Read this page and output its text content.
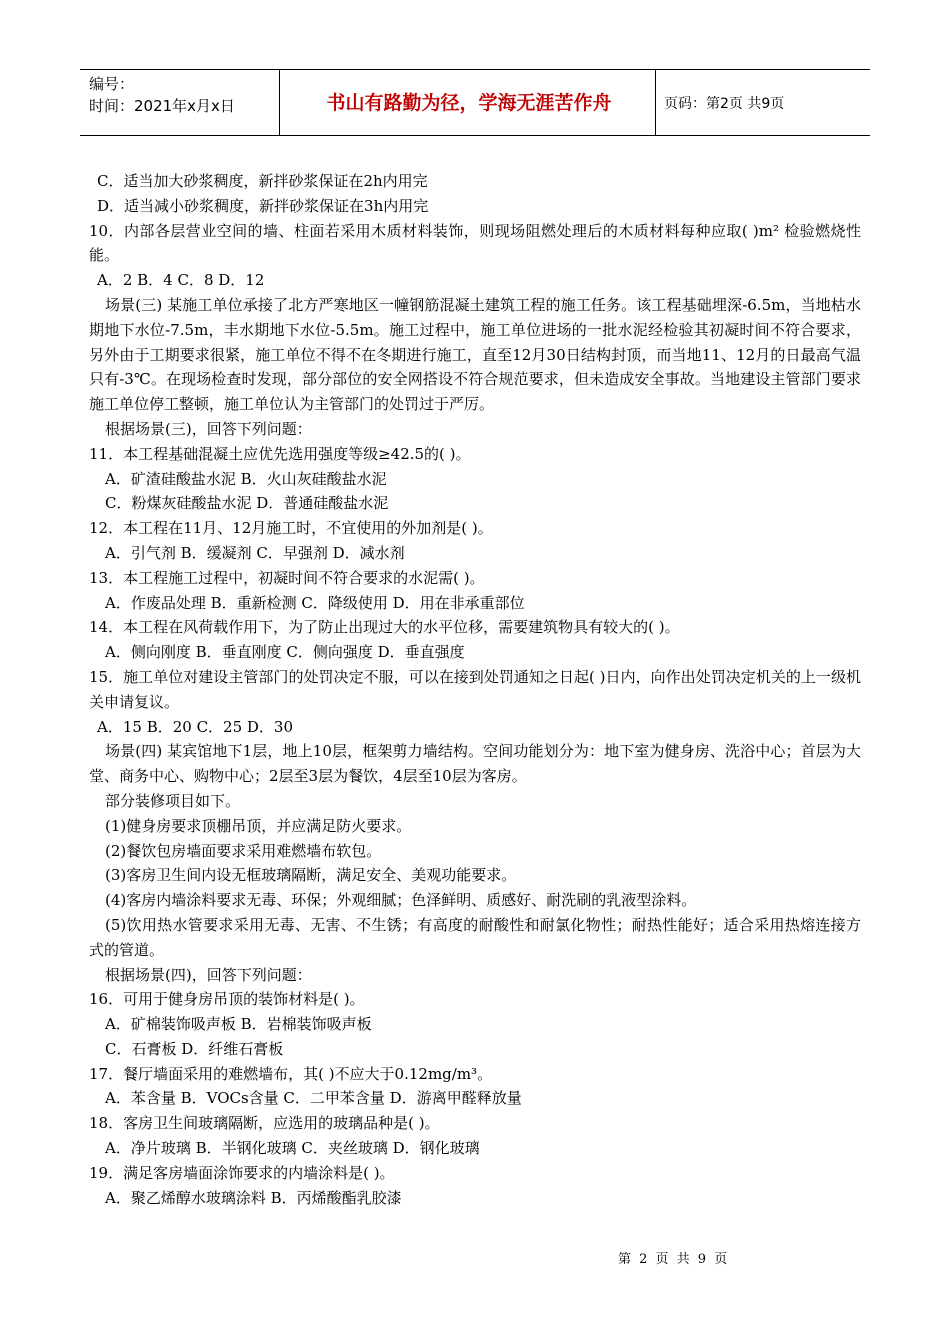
编号：
时间：2021年x月x日	书山有路勤为径，学海无涯苦作舟	页码：第2页 共9页

C．适当加大砂浆稠度，新拌砂浆保证在2h内用完

D．适当减小砂浆稠度，新拌砂浆保证在3h内用完

10．内部各层营业空间的墙、柱面若采用木质材料装饰，则现场阻燃处理后的木质材料每种应取( )m² 检验燃烧性能。

A．2 B．4 C．8 D．12

场景(三) 某施工单位承接了北方严寒地区一幢钢筋混凝土建筑工程的施工任务。该工程基础埋深-6.5m，当地枯水期地下水位-7.5m，丰水期地下水位-5.5m。施工过程中，施工单位进场的一批水泥经检验其初凝时间不符合要求，另外由于工期要求很紧，施工单位不得不在冬期进行施工，直至12月30日结构封顶，而当地11、12月的日最高气温只有-3℃。在现场检查时发现，部分部位的安全网搭设不符合规范要求，但未造成安全事故。当地建设主管部门要求施工单位停工整顿，施工单位认为主管部门的处罚过于严厉。

根据场景(三)，回答下列问题：

11．本工程基础混凝土应优先选用强度等级≥42.5的( )。

A．矿渣硅酸盐水泥 B．火山灰硅酸盐水泥

C．粉煤灰硅酸盐水泥 D．普通硅酸盐水泥

12．本工程在11月、12月施工时，不宜使用的外加剂是( )。

A．引气剂 B．缓凝剂 C．早强剂 D．减水剂

13．本工程施工过程中，初凝时间不符合要求的水泥需( )。

A．作废品处理 B．重新检测 C．降级使用 D．用在非承重部位

14．本工程在风荷载作用下，为了防止出现过大的水平位移，需要建筑物具有较大的( )。

A．侧向刚度 B．垂直刚度 C．侧向强度 D．垂直强度

15．施工单位对建设主管部门的处罚决定不服，可以在接到处罚通知之日起( )日内，向作出处罚决定机关的上一级机关申请复议。

A．15 B．20 C．25 D．30

场景(四) 某宾馆地下1层，地上10层，框架剪力墙结构。空间功能划分为：地下室为健身房、洗浴中心；首层为大堂、商务中心、购物中心；2层至3层为餐饮，4层至10层为客房。

部分装修项目如下。

(1)健身房要求顶棚吊顶，并应满足防火要求。

(2)餐饮包房墙面要求采用难燃墙布软包。

(3)客房卫生间内设无框玻璃隔断，满足安全、美观功能要求。

(4)客房内墙涂料要求无毒、环保；外观细腻；色泽鲜明、质感好、耐洗刷的乳液型涂料。

(5)饮用热水管要求采用无毒、无害、不生锈；有高度的耐酸性和耐氯化物性；耐热性能好；适合采用热熔连接方式的管道。

根据场景(四)，回答下列问题：

16．可用于健身房吊顶的装饰材料是( )。

A．矿棉装饰吸声板 B．岩棉装饰吸声板

C．石膏板 D．纤维石膏板

17．餐厅墙面采用的难燃墙布，其( )不应大于0.12mg/m³。

A．苯含量 B．VOCs含量 C．二甲苯含量 D．游离甲醛释放量

18．客房卫生间玻璃隔断，应选用的玻璃品种是( )。

A．净片玻璃 B．半钢化玻璃 C．夹丝玻璃 D．钢化玻璃

19．满足客房墙面涂饰要求的内墙涂料是( )。

A．聚乙烯醇水玻璃涂料 B．丙烯酸酯乳胶漆

第 2 页 共 9 页
